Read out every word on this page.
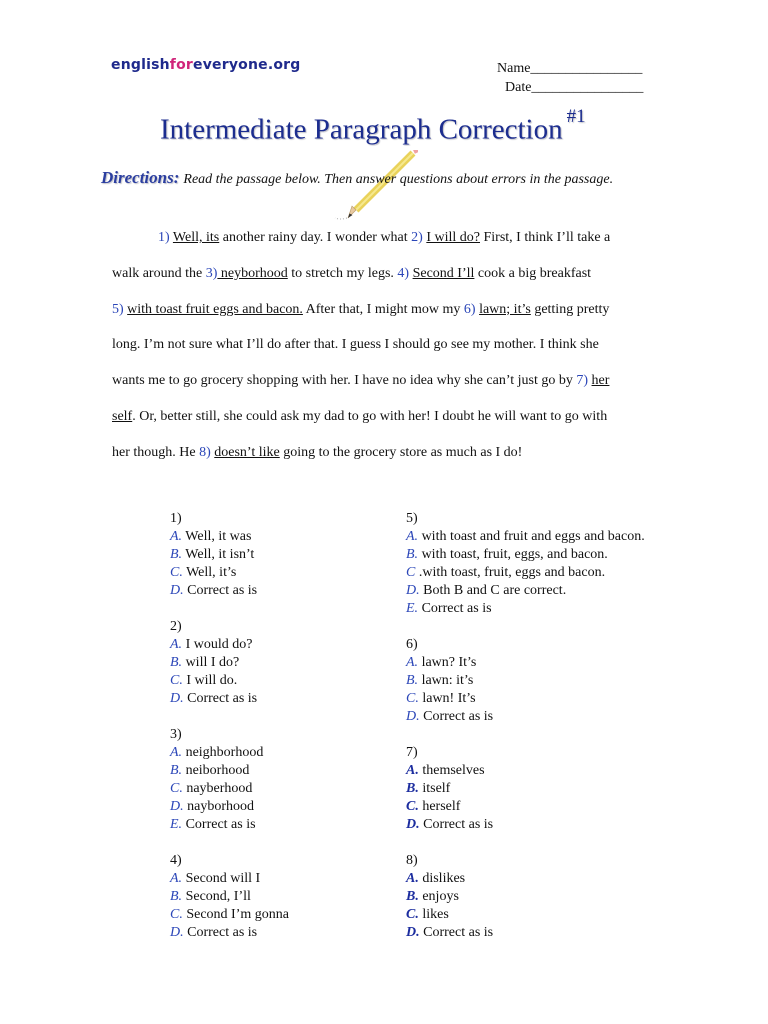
englishforeveryone.org	Name________________
Date________________
Intermediate Paragraph Correction $^{\#1}$
Directions: Read the passage below. Then answer questions about errors in the passage.
1) Well, its another rainy day. I wonder what 2) I will do? First, I think I’ll take a
walk around the 3) neyborhood to stretch my legs. 4) Second I’ll cook a big breakfast
5) with toast fruit eggs and bacon. After that, I might mow my 6) lawn; it’s getting pretty
long. I’m not sure what I’ll do after that. I guess I should go see my mother. I think she
wants me to go grocery shopping with her. I have no idea why she can’t just go by 7) her
self. Or, better still, she could ask my dad to go with her! I doubt he will want to go with
her though. He 8) doesn’t like going to the grocery store as much as I do!
1)
A. Well, it was
B. Well, it isn’t
C. Well, it’s
D. Correct as is
2)
A. I would do?
B. will I do?
C. I will do.
D. Correct as is
3)
A. neighborhood
B. neiborhood
C. nayberhood
D. nayborhood
E. Correct as is
4)
A. Second will I
B. Second, I’ll
C. Second I’m gonna
D. Correct as is
5)
A. with toast and fruit and eggs and bacon.
B. with toast, fruit, eggs, and bacon.
C .with toast, fruit, eggs and bacon.
D. Both B and C are correct.
E. Correct as is
6)
A. lawn? It’s
B. lawn: it’s
C. lawn! It’s
D. Correct as is
7)
A. themselves
B. itself
C. herself
D. Correct as is
8)
A. dislikes
B. enjoys
C. likes
D. Correct as is
